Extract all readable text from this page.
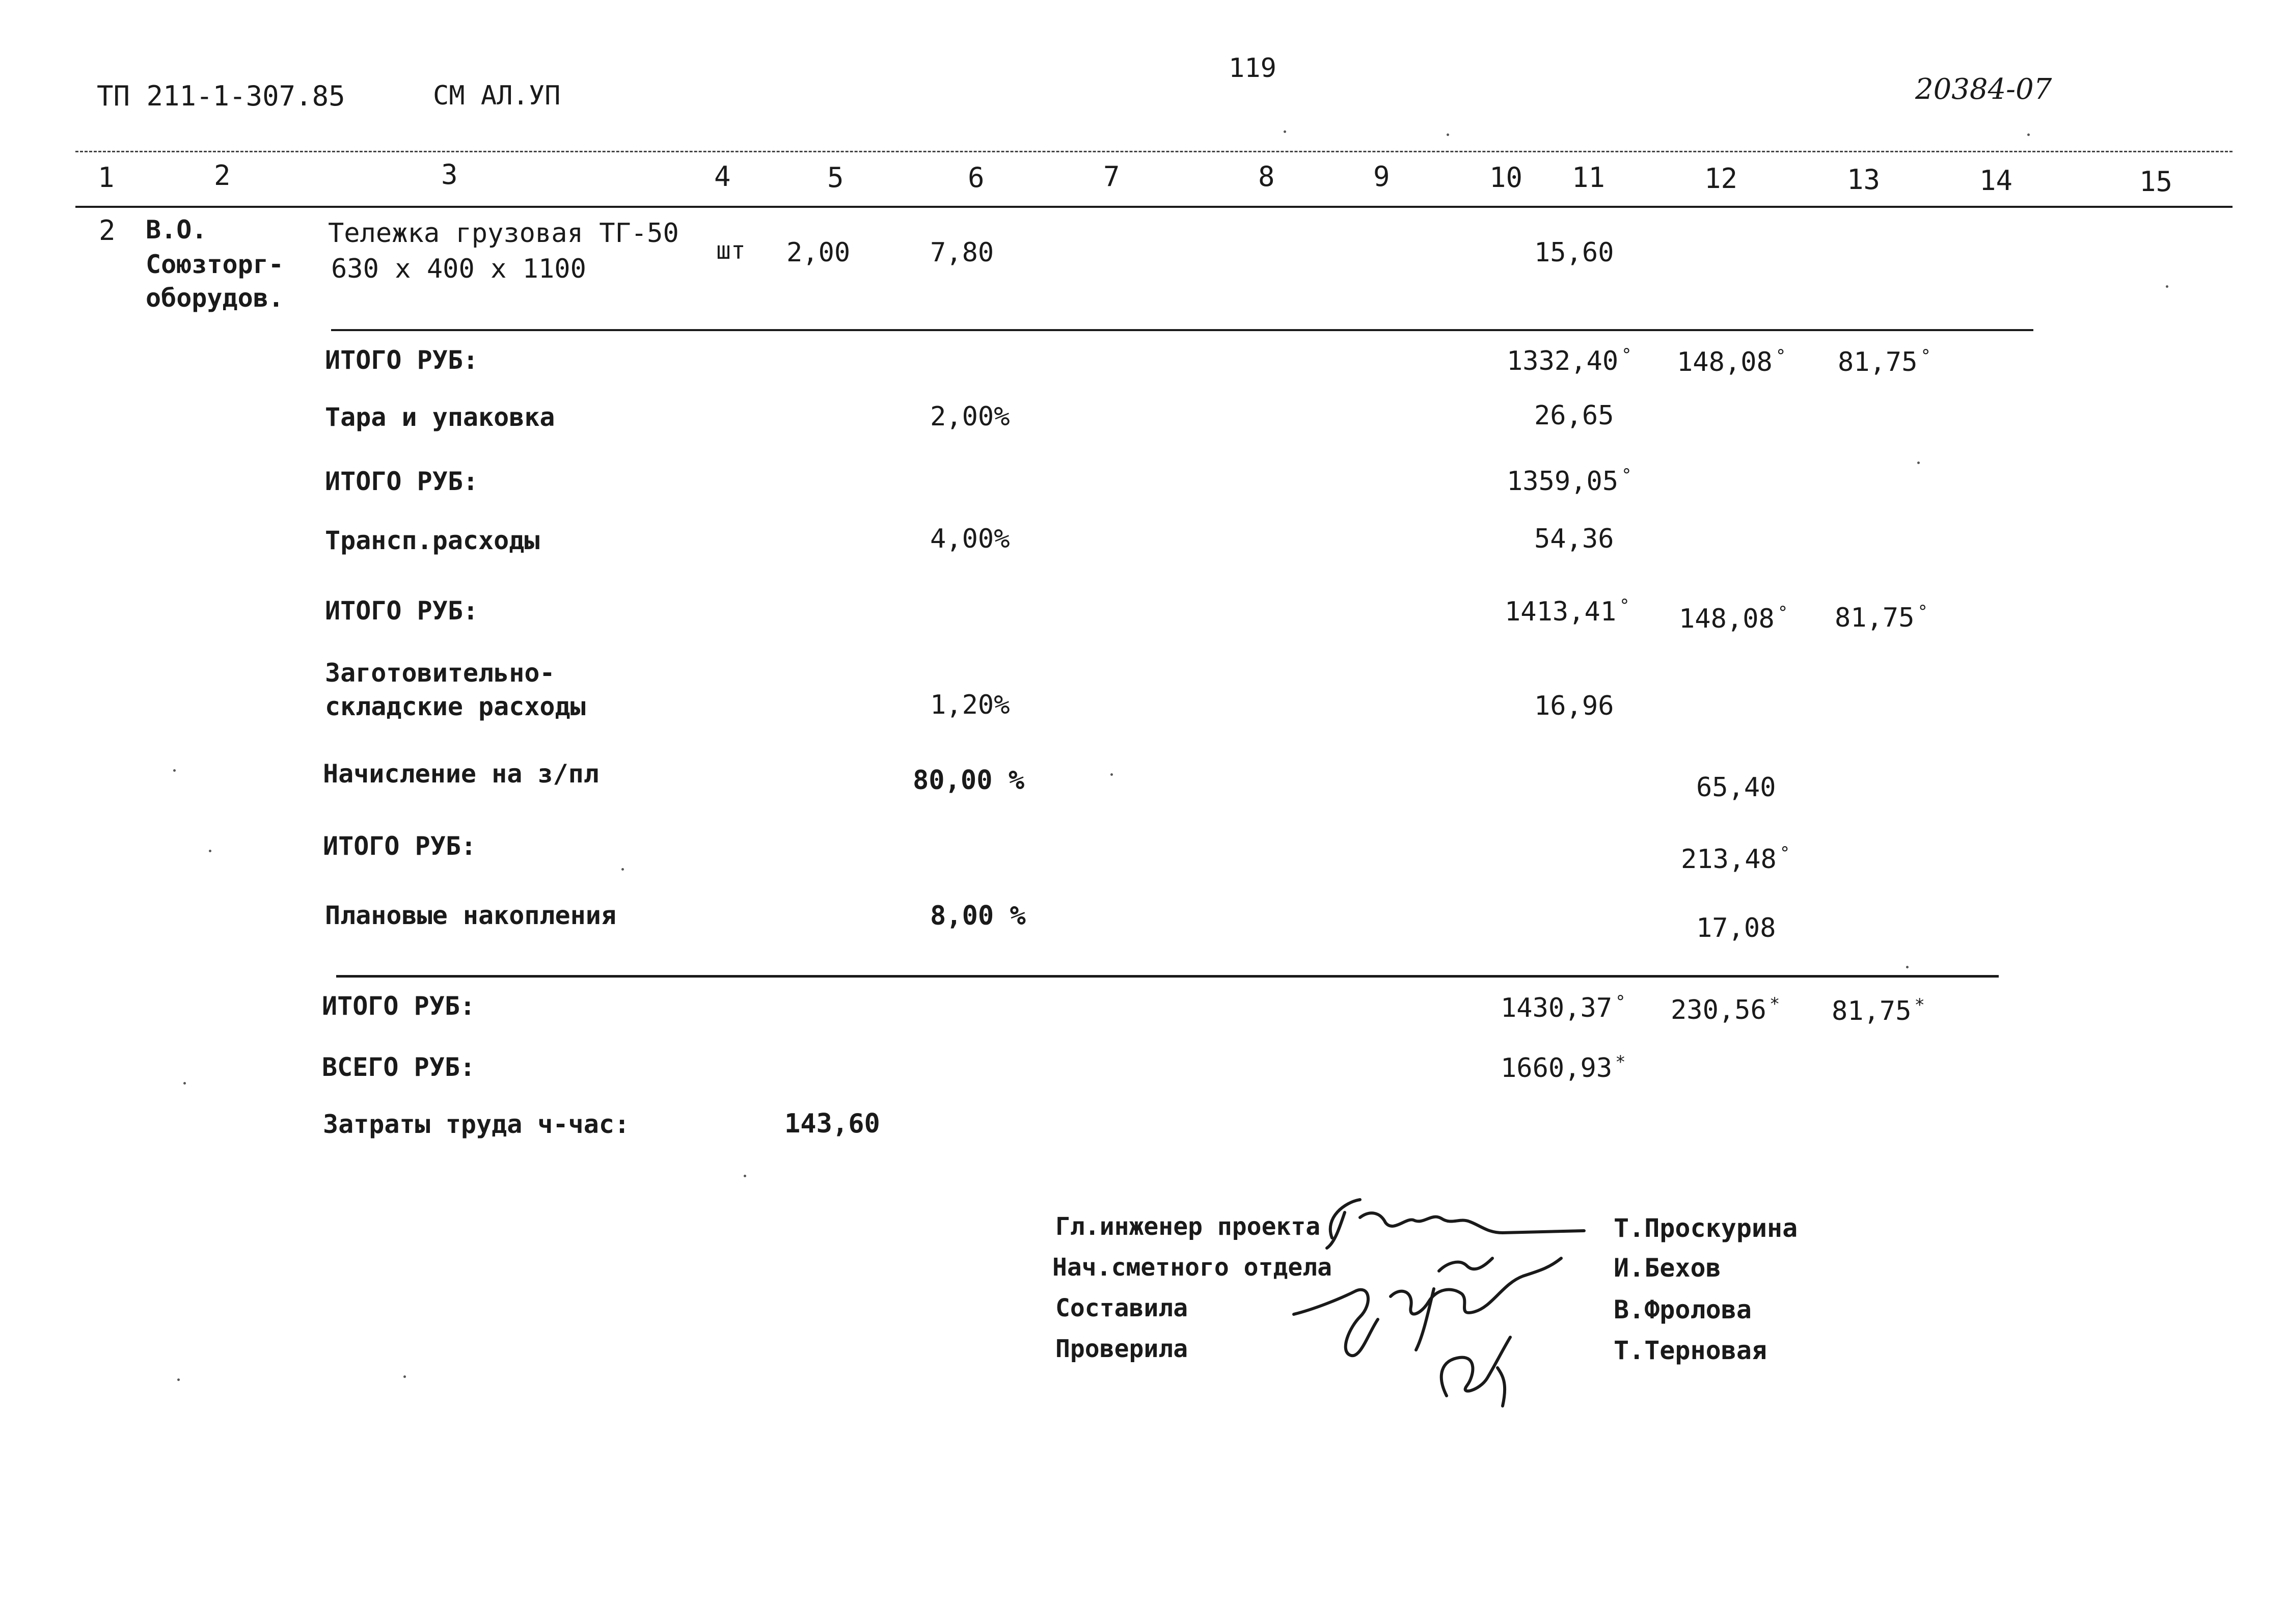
ТП 211-1-307.85	СМ АЛ.УП
119
20384-07
1	2	3	4	5	6	7	8	9	10 11	12	13	14	15
2 В.О.
Союзторг-
оборудов.
Тележка грузовая ТГ-50
630 х 400 х 1100
шт 2,00	7,80	15,60
ИТОГО РУБ:	1332,40 ° 148,08 ° 81,75 °
Тара и упаковка	2,00%	26,65
ИТОГО РУБ:	1359,05 °
Трансп.расходы	4,00%	54,36
ИТОГО РУБ:	1413,41 ° 148,08 ° 81,75 °
Заготовительно-
складские расходы	1,20%	16,96
Начисление на з/пл	80,00 %	65,40
ИТОГО РУБ:	213,48 °
Плановые накопления	8,00 %	17,08
ИТОГО РУБ:	1430,37 ° 230,56 * 81,75 *
ВСЕГО РУБ:	1660,93 *
Затраты труда ч-час:	143,60
Гл.инженер проекта
Нач.сметного отдела
Составила
Проверила
Т.Проскурина
И.Бехов
В.Фролова
Т.Терновая
